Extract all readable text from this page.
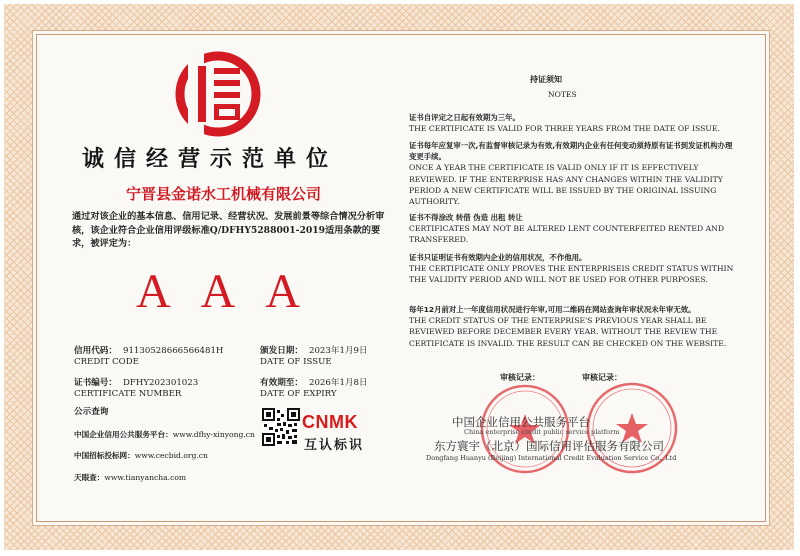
诚信经营示范单位
宁晋县金诺水工机械有限公司
通过对该企业的基本信息、信用记录、经营状况、发展前景等综合情况分析审核，该企业符合企业信用评级标准Q/DFHY5288001-2019适用条款的要求，被评定为：
AAA
信用代码： 91130528666566481H
CREDIT CODE
颁发日期： 2023年1月9日
DATE OF ISSUE
证书编号： DFHY202301023
CERTIFICATE NUMBER
有效期至： 2026年1月8日
DATE OF EXPIRY
公示查询
中国企业信用公共服务平台：www.dfhy-xinyong.cn
中国招标投标网：www.cecbid.org.cn
天眼查：www.tianyancha.com
CNMK
互认标识
持证须知
NOTES
证书自评定之日起有效期为三年。
THE CERTIFICATE IS VALID FOR THREE YEARS FROM THE DATE OF ISSUE.
证书每年应复审一次,有监督审核记录为有效,有效期内企业有任何变动须持原有证书到发证机构办理变更手续。
ONCE A YEAR THE CERTIFICATE IS VALID ONLY IF IT IS EFFECTIVELY REVIEWED. IF THE ENTERPRISE HAS ANY CHANGES WITHIN THE VALIDITY PERIOD A NEW CERTIFICATE WILL BE ISSUED BY THE ORIGINAL ISSUING AUTHORITY.
证书不得涂改 转借 伪造 出租 转让
CERTIFICATES MAY NOT BE ALTERED LENT COUNTERFEITED RENTED AND TRANSFERED.
证书只证明证书有效期内企业的信用状况，不作他用。
THE CERTIFICATE ONLY PROVES THE ENTERPRISEIS CREDIT STATUS WITHIN THE VALIDITY PERIOD AND WILL NOT BE USED FOR OTHER PURPOSES.
每年12月前对上一年度信用状况进行年审,可用二维码在网站查询年审状况未年审无效。
THE CREDIT STATUS OF THE ENTERPRISE'S PREVIOUS YEAR SHALL BE REVIEWED BEFORE DECEMBER EVERY YEAR. WITHOUT THE REVIEW THE CERTIFICATE IS INVALID. THE RESULT CAN BE CHECKED ON THE WEBSITE.
审核记录：	审核记录：
中国企业信用公共服务平台
China enterprise credit public service platform
东方寰宇（北京）国际信用评估服务有限公司
Dongfang Huanyu (Beijing) International Credit Evaluation Service Co., Ltd
